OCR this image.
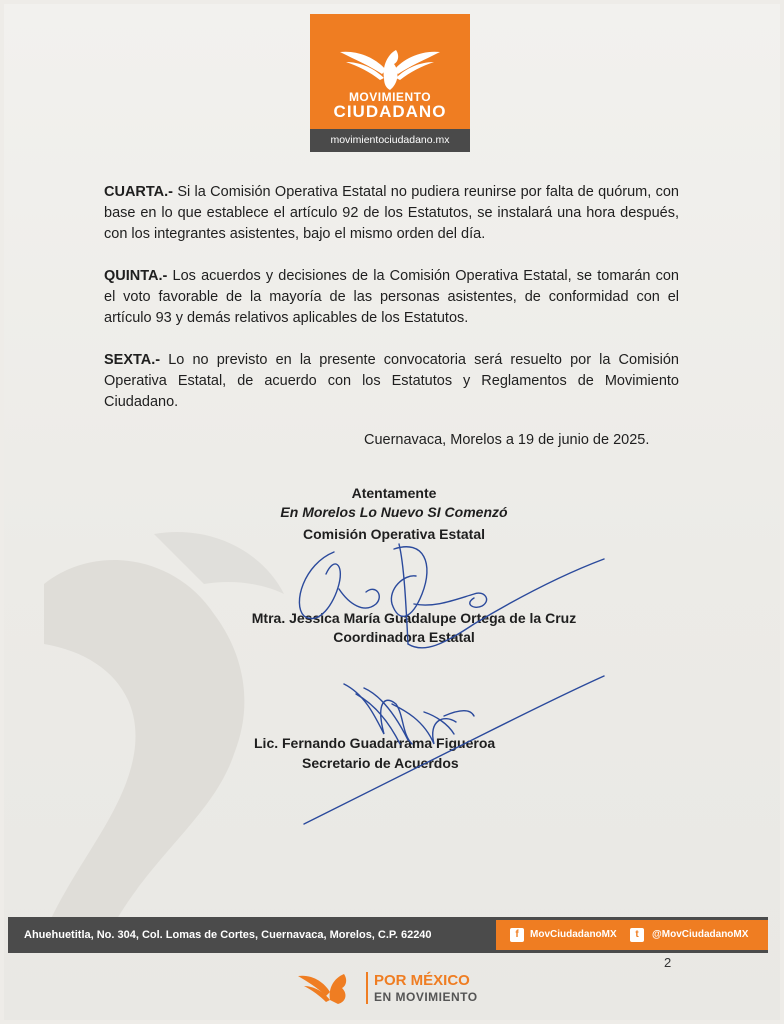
MOVIMIENTO
CIUDADANO
movimientociudadano.mx
CUARTA.- Si la Comisión Operativa Estatal no pudiera reunirse por falta de quórum, con base en lo que establece el artículo 92 de los Estatutos, se instalará una hora después, con los integrantes asistentes, bajo el mismo orden del día.
QUINTA.- Los acuerdos y decisiones de la Comisión Operativa Estatal, se tomarán con el voto favorable de la mayoría de las personas asistentes, de conformidad con el artículo 93 y demás relativos aplicables de los Estatutos.
SEXTA.- Lo no previsto en la presente convocatoria será resuelto por la Comisión Operativa Estatal, de acuerdo con los Estatutos y Reglamentos de Movimiento Ciudadano.
Cuernavaca, Morelos a 19 de junio de 2025.
Atentamente
En Morelos Lo Nuevo SI Comenzó
Comisión Operativa Estatal
Mtra. Jessica María Guadalupe Ortega de la Cruz
Coordinadora Estatal
Lic. Fernando Guadarrama Figueroa
Secretario de Acuerdos
Ahuehuetitla, No. 304, Col. Lomas de Cortes, Cuernavaca, Morelos, C.P. 62240	f	MovCiudadanoMX	t	@MovCiudadanoMX
2
POR MÉXICO
EN MOVIMIENTO
